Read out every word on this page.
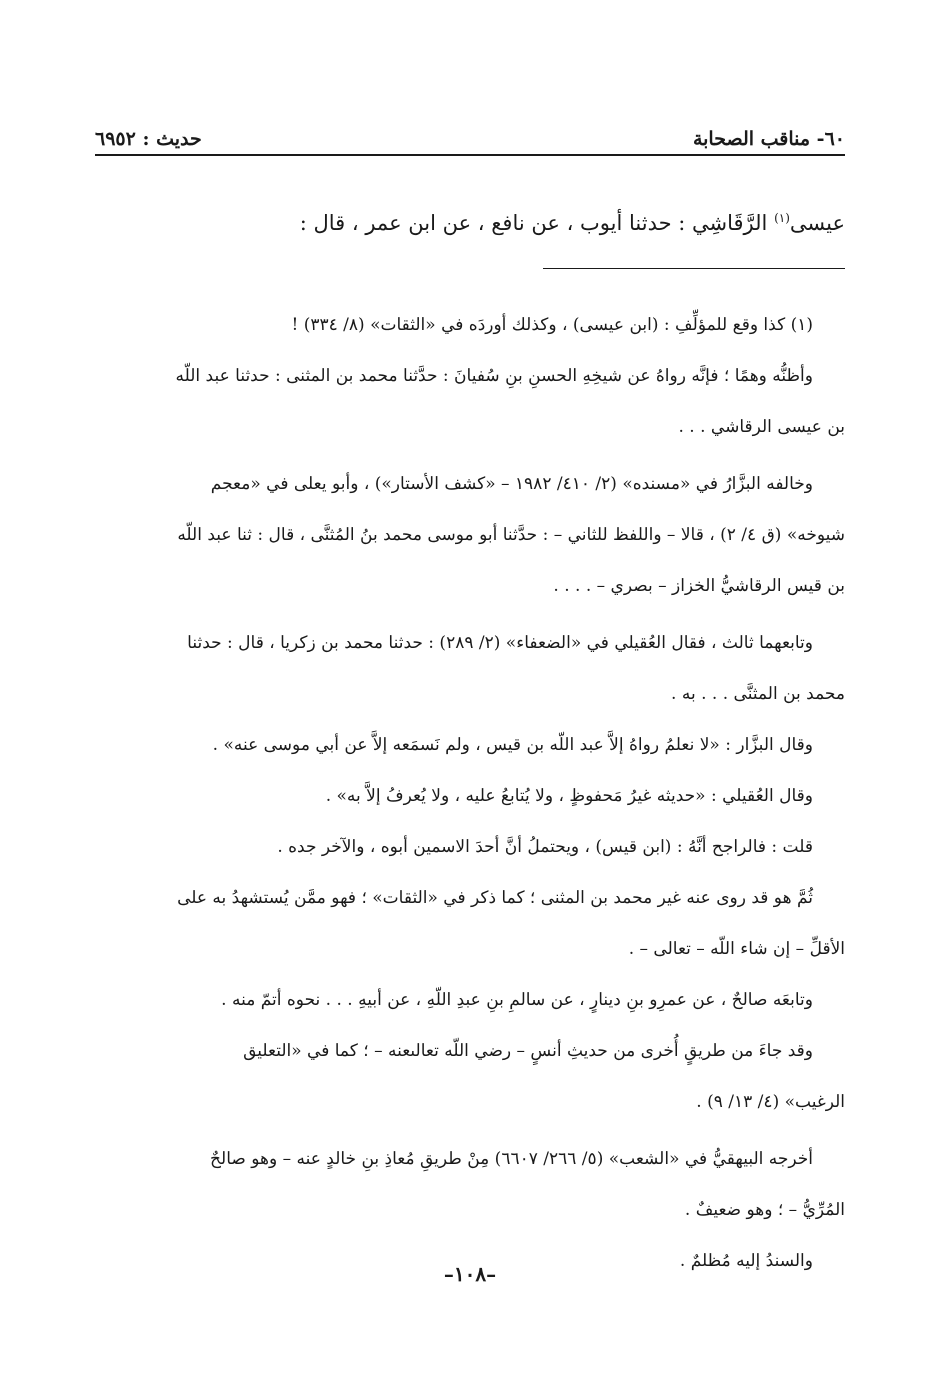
٦٠- مناقب الصحابة
حديث : ٦٩٥٢
عيسى$^{(١)}$ الرَّقَاشِي : حدثنا أيوب ، عن نافع ، عن ابن عمر ، قال :

(١) كذا وقع للمؤلِّفِ : (ابن عيسى) ، وكذلك أوردَه في «الثقات» (٨/ ٣٣٤) !

وأظنُّه وهمًا ؛ فإنَّه رواهُ عن شيخِهِ الحسنِ بنِ سُفيانَ : حدَّثنا محمد بن المثنى : حدثنا عبد اللّه

بن عيسى الرقاشي . . .

وخالفه البزَّارُ في «مسنده» (٢/ ٤١٠/ ١٩٨٢ – «كشف الأستار») ، وأبو يعلى في «معجم

شيوخه» (ق ٤/ ٢) ، قالا – واللفظ للثاني – : حدَّثنا أبو موسى محمد بنُ المُثنَّى ، قال : ثنا عبد اللّه

بن قيس الرقاشيُّ الخزاز – بصري – . . . .

وتابعهما ثالث ، فقال العُقيلي في «الضعفاء» (٢/ ٢٨٩) : حدثنا محمد بن زكريا ، قال : حدثنا

محمد بن المثنَّى . . . به .

وقال البزَّار : «لا نعلمُ رواهُ إلاَّ عبد اللّه بن قيس ، ولم نَسمَعه إلاَّ عن أبي موسى عنه» .

وقال العُقيلي : «حديثه غيرُ مَحفوظٍ ، ولا يُتابعُ عليه ، ولا يُعرفُ إلاَّ به» .

قلت : فالراجح أنَّهُ : (ابن قيس) ، ويحتملُ أنَّ أحدَ الاسمين أبوه ، والآخر جده .

ثُمَّ هو قد روى عنه غير محمد بن المثنى ؛ كما ذكر في «الثقات» ؛ فهو ممَّن يُستشهدُ به على

الأقلِّ – إن شاء اللّه – تعالى – .

وتابعَه صالحٌ ، عن عمرِو بنِ دينارٍ ، عن سالمِ بنِ عبدِ اللّهِ ، عن أبيهِ . . . نحوه أتمّ منه .

وقد جاءَ من طريقٍ أُخرى من حديثِ أنسٍ – رضي اللّه تعالىعنه – ؛ كما في «التعليق

الرغيب» (٤/ ١٣/ ٩) .

أخرجه البيهقيُّ في «الشعب» (٥/ ٢٦٦/ ٦٦٠٧) مِنْ طريقِ مُعاذِ بنِ خالدٍ عنه – وهو صالحٌ

المُرِّيُّ – ؛ وهو ضعيفٌ .

والسندُ إليه مُظلمٌ .

–١٠٨–
